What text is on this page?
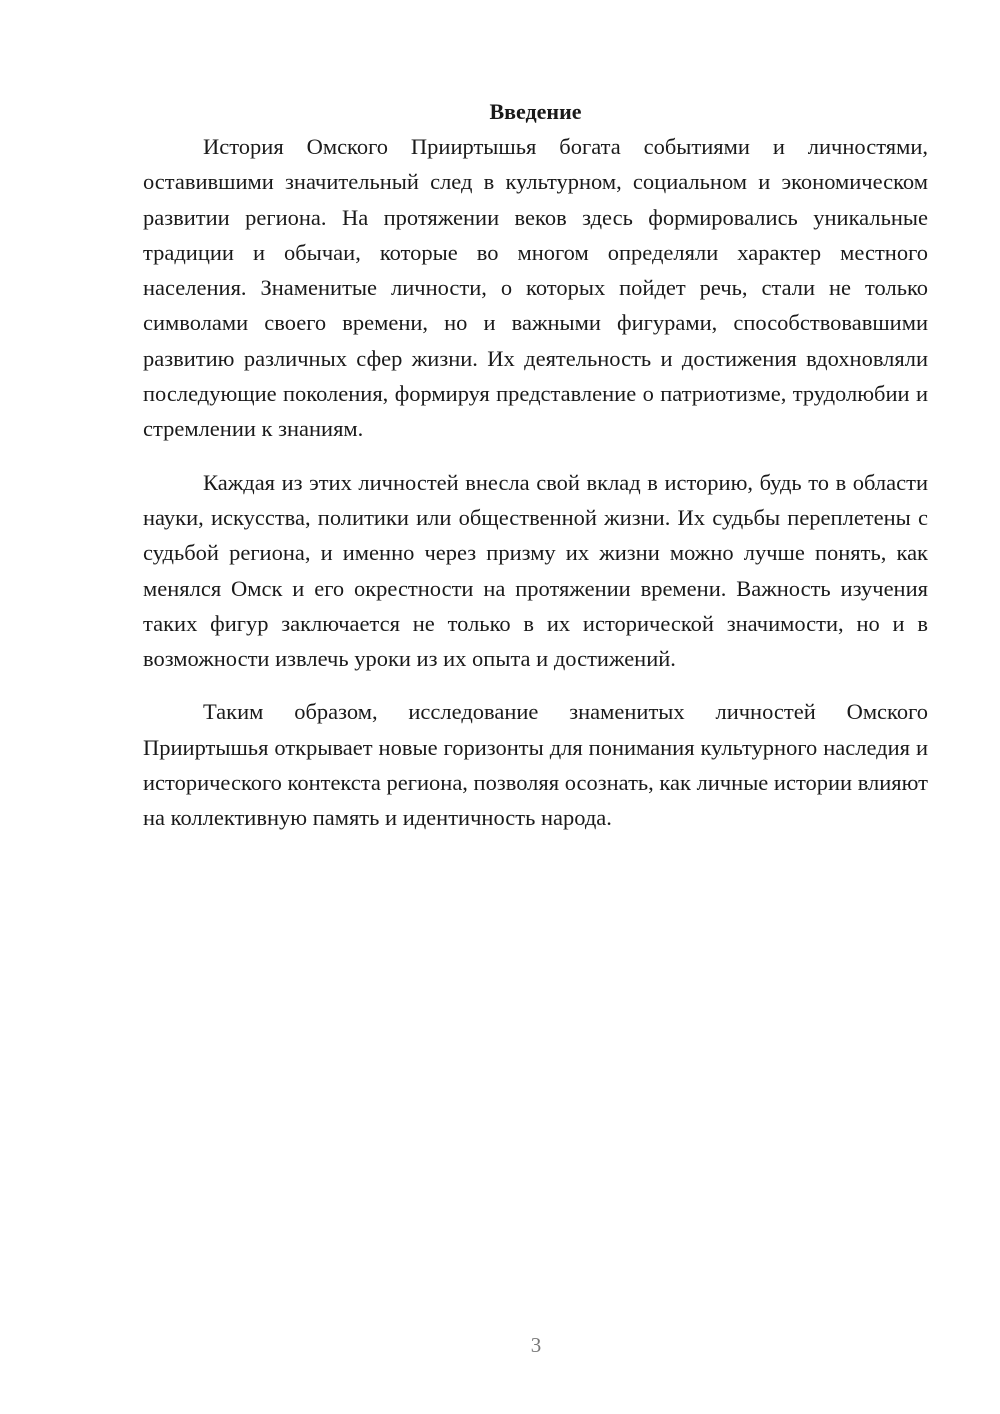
Введение

История Омского Прииртышья богата событиями и личностями, оставившими значительный след в культурном, социальном и экономическом развитии региона. На протяжении веков здесь формировались уникальные традиции и обычаи, которые во многом определяли характер местного населения. Знаменитые личности, о которых пойдет речь, стали не только символами своего времени, но и важными фигурами, способствовавшими развитию различных сфер жизни. Их деятельность и достижения вдохновляли последующие поколения, формируя представление о патриотизме, трудолюбии и стремлении к знаниям.

Каждая из этих личностей внесла свой вклад в историю, будь то в области науки, искусства, политики или общественной жизни. Их судьбы переплетены с судьбой региона, и именно через призму их жизни можно лучше понять, как менялся Омск и его окрестности на протяжении времени. Важность изучения таких фигур заключается не только в их исторической значимости, но и в возможности извлечь уроки из их опыта и достижений.

Таким образом, исследование знаменитых личностей Омского Прииртышья открывает новые горизонты для понимания культурного наследия и исторического контекста региона, позволяя осознать, как личные истории влияют на коллективную память и идентичность народа.

3
